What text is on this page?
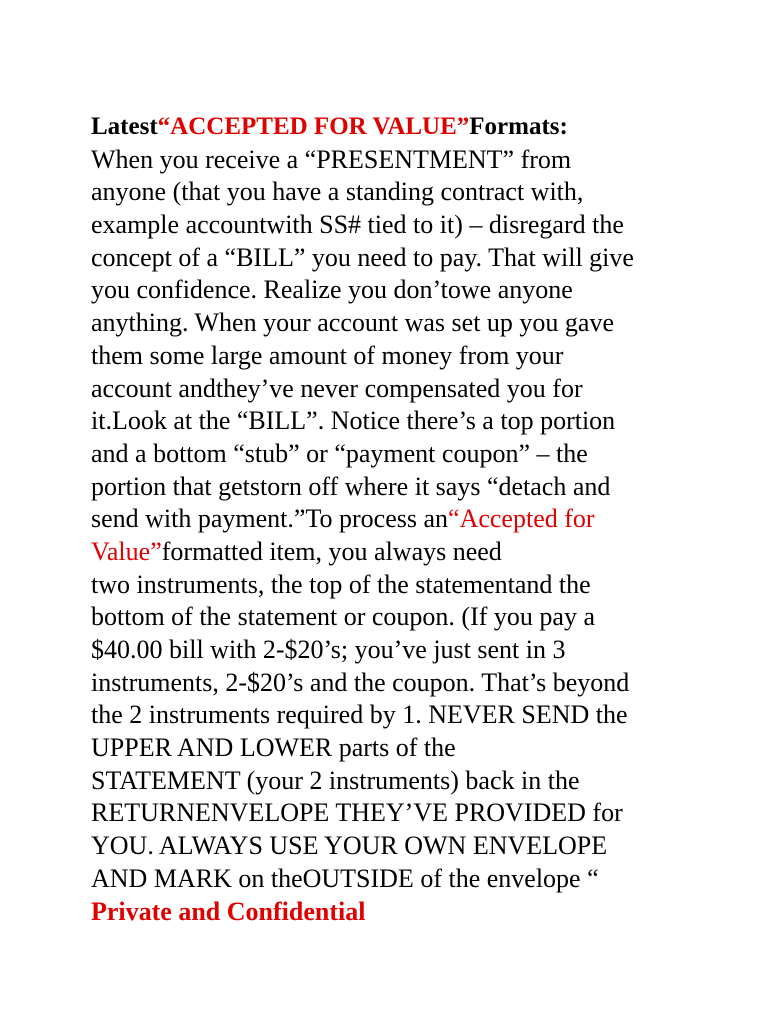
Latest“ACCEPTED FOR VALUE”Formats:
When you receive a “PRESENTMENT” from
anyone (that you have a standing contract with,
example accountwith SS# tied to it) – disregard the
concept of a “BILL” you need to pay. That will give
you confidence. Realize you don’towe anyone
anything. When your account was set up you gave
them some large amount of money from your
account andthey’ve never compensated you for
it.Look at the “BILL”. Notice there’s a top portion
and a bottom “stub” or “payment coupon” – the
portion that getstorn off where it says “detach and
send with payment.”To process an“Accepted for
Value”formatted item, you always need
two instruments, the top of the statementand the
bottom of the statement or coupon. (If you pay a
$40.00 bill with 2-$20’s; you’ve just sent in 3
instruments, 2-$20’s and the coupon. That’s beyond
the 2 instruments required by 1. NEVER SEND the
UPPER AND LOWER parts of the
STATEMENT (your 2 instruments) back in the
RETURNENVELOPE THEY’VE PROVIDED for
YOU. ALWAYS USE YOUR OWN ENVELOPE
AND MARK on theOUTSIDE of the envelope “
Private and Confidential
